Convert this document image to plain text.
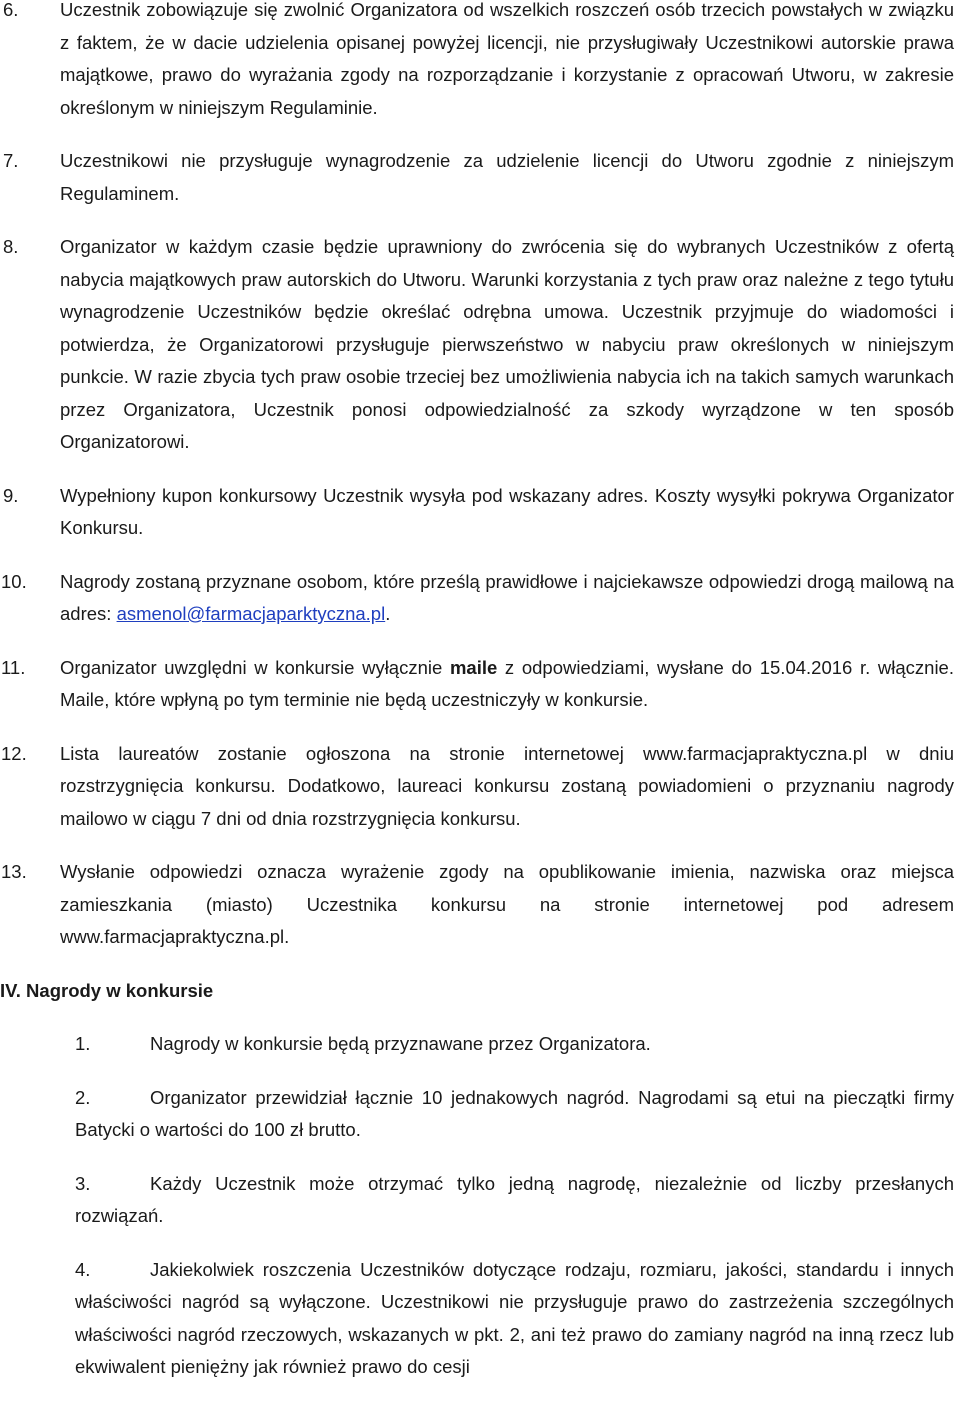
6. Uczestnik zobowiązuje się zwolnić Organizatora od wszelkich roszczeń osób trzecich powstałych w związku z faktem, że w dacie udzielenia opisanej powyżej licencji, nie przysługiwały Uczestnikowi autorskie prawa majątkowe, prawo do wyrażania zgody na rozporządzanie i korzystanie z opracowań Utworu, w zakresie określonym w niniejszym Regulaminie.
7. Uczestnikowi nie przysługuje wynagrodzenie za udzielenie licencji do Utworu zgodnie z niniejszym Regulaminem.
8. Organizator w każdym czasie będzie uprawniony do zwrócenia się do wybranych Uczestników z ofertą nabycia majątkowych praw autorskich do Utworu. Warunki korzystania z tych praw oraz należne z tego tytułu wynagrodzenie Uczestników będzie określać odrębna umowa. Uczestnik przyjmuje do wiadomości i potwierdza, że Organizatorowi przysługuje pierwszeństwo w nabyciu praw określonych w niniejszym punkcie. W razie zbycia tych praw osobie trzeciej bez umożliwienia nabycia ich na takich samych warunkach przez Organizatora, Uczestnik ponosi odpowiedzialność za szkody wyrządzone w ten sposób Organizatorowi.
9. Wypełniony kupon konkursowy Uczestnik wysyła pod wskazany adres. Koszty wysyłki pokrywa Organizator Konkursu.
10. Nagrody zostaną przyznane osobom, które prześlą prawidłowe i najciekawsze odpowiedzi drogą mailową na adres: asmenol@farmacjaparktyczna.pl.
11. Organizator uwzględni w konkursie wyłącznie maile z odpowiedziami, wysłane do 15.04.2016 r. włącznie. Maile, które wpłyną po tym terminie nie będą uczestniczyły w konkursie.
12. Lista laureatów zostanie ogłoszona na stronie internetowej www.farmacjapraktyczna.pl w dniu rozstrzygnięcia konkursu. Dodatkowo, laureaci konkursu zostaną powiadomieni o przyznaniu nagrody mailowo w ciągu 7 dni od dnia rozstrzygnięcia konkursu.
13. Wysłanie odpowiedzi oznacza wyrażenie zgody na opublikowanie imienia, nazwiska oraz miejsca zamieszkania (miasto) Uczestnika konkursu na stronie internetowej pod adresem www.farmacjapraktyczna.pl.
IV. Nagrody w konkursie
1.	Nagrody w konkursie będą przyznawane przez Organizatora.
2.	Organizator przewidział łącznie 10 jednakowych nagród. Nagrodami są etui na pieczątki firmy Batycki o wartości do 100 zł brutto.
3.	Każdy Uczestnik może otrzymać tylko jedną nagrodę, niezależnie od liczby przesłanych rozwiązań.
4.	Jakiekolwiek roszczenia Uczestników dotyczące rodzaju, rozmiaru, jakości, standardu i innych właściwości nagród są wyłączone. Uczestnikowi nie przysługuje prawo do zastrzeżenia szczególnych właściwości nagród rzeczowych, wskazanych w pkt. 2, ani też prawo do zamiany nagród na inną rzecz lub ekwiwalent pieniężny jak również prawo do cesji
